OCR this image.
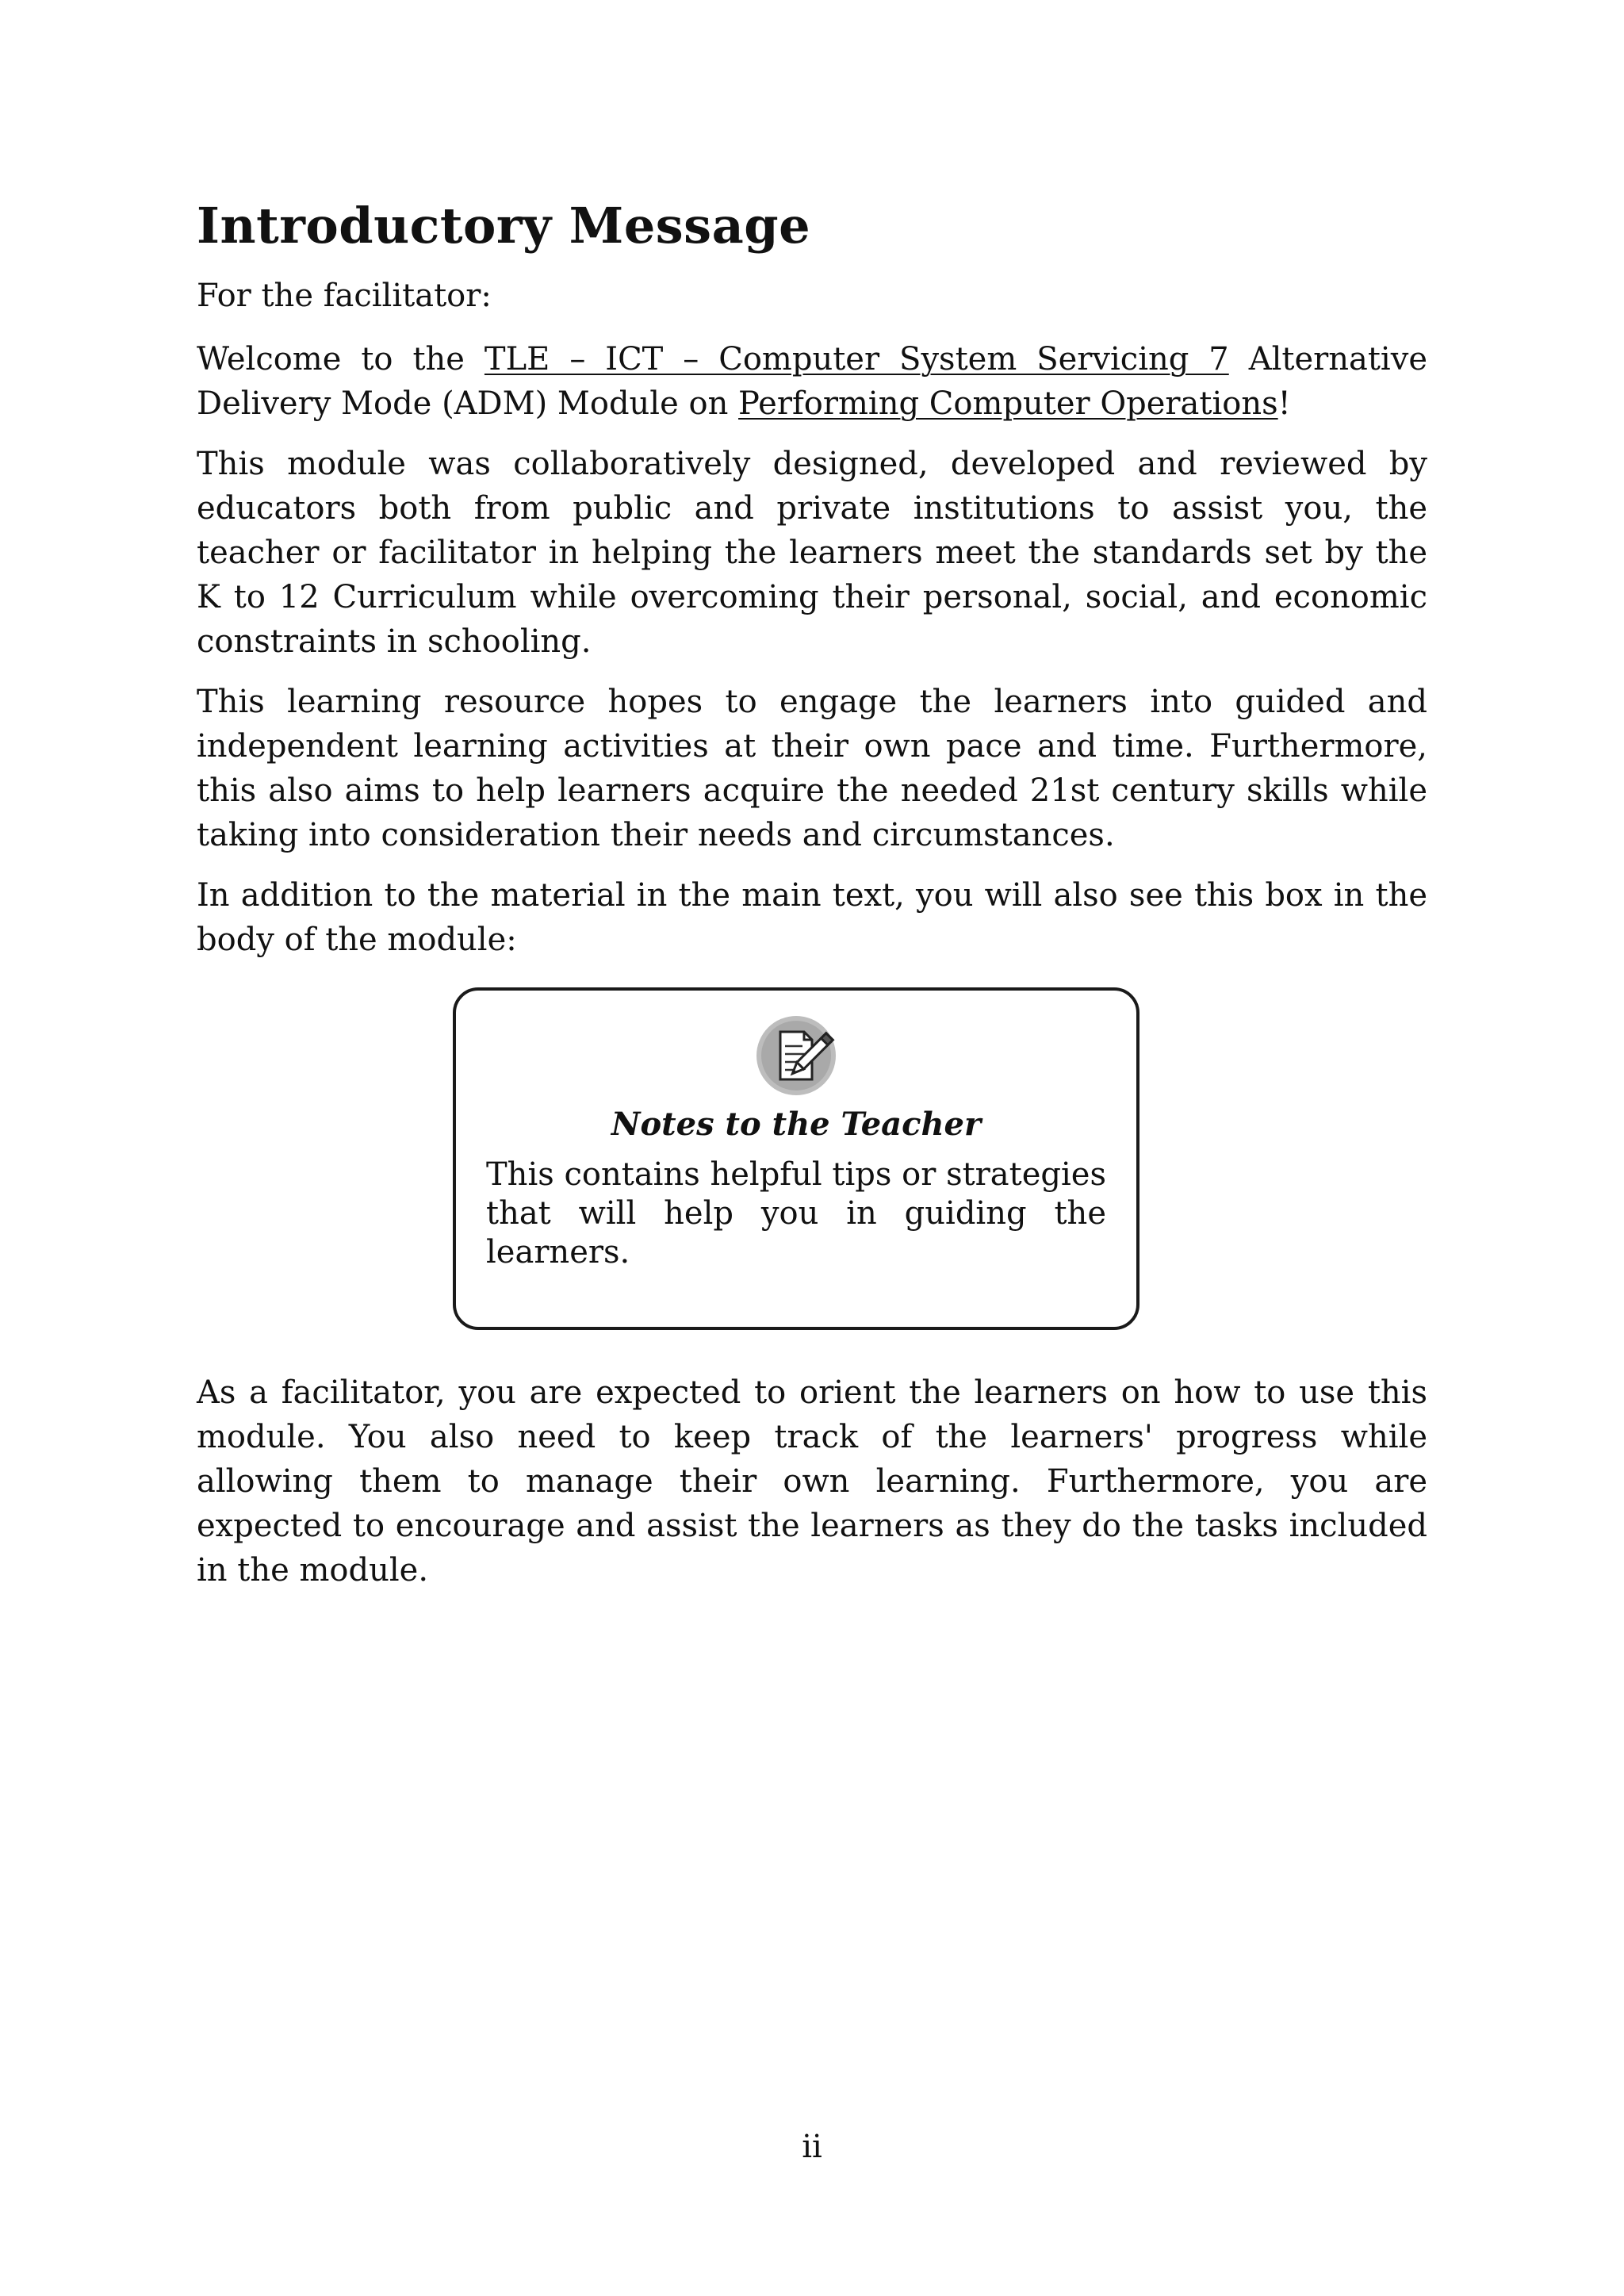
Introductory Message

For the facilitator:

Welcome to the TLE – ICT – Computer System Servicing 7 Alternative Delivery Mode (ADM) Module on Performing Computer Operations!

This module was collaboratively designed, developed and reviewed by educators both from public and private institutions to assist you, the teacher or facilitator in helping the learners meet the standards set by the K to 12 Curriculum while overcoming their personal, social, and economic constraints in schooling.

This learning resource hopes to engage the learners into guided and independent learning activities at their own pace and time. Furthermore, this also aims to help learners acquire the needed 21st century skills while taking into consideration their needs and circumstances.

In addition to the material in the main text, you will also see this box in the body of the module:

Notes to the Teacher

This contains helpful tips or strategies that will help you in guiding the learners.

As a facilitator, you are expected to orient the learners on how to use this module. You also need to keep track of the learners' progress while allowing them to manage their own learning. Furthermore, you are expected to encourage and assist the learners as they do the tasks included in the module.

ii
